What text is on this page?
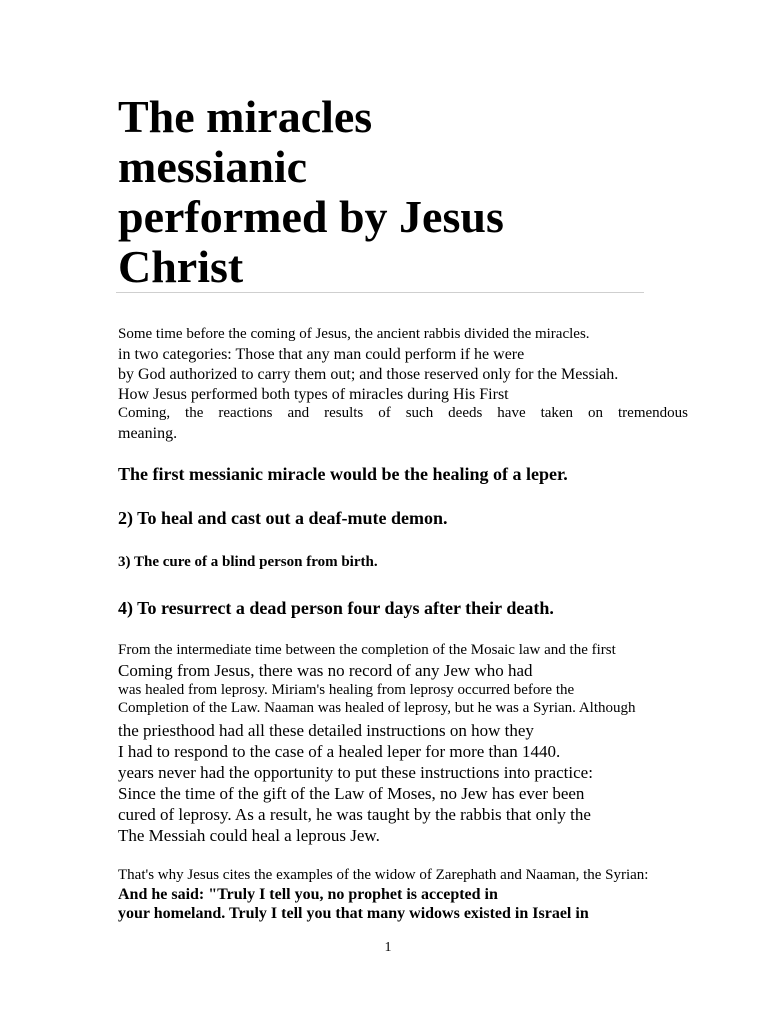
The miracles
messianic
performed by Jesus
Christ
Some time before the coming of Jesus, the ancient rabbis divided the miracles.
in two categories: Those that any man could perform if he were
by God authorized to carry them out; and those reserved only for the Messiah.
How Jesus performed both types of miracles during His First
Coming, the reactions and results of such deeds have taken on tremendous
meaning.
The first messianic miracle would be the healing of a leper.
2) To heal and cast out a deaf-mute demon.
3) The cure of a blind person from birth.
4) To resurrect a dead person four days after their death.
From the intermediate time between the completion of the Mosaic law and the first
Coming from Jesus, there was no record of any Jew who had
was healed from leprosy. Miriam's healing from leprosy occurred before the
Completion of the Law. Naaman was healed of leprosy, but he was a Syrian. Although
the priesthood had all these detailed instructions on how they
I had to respond to the case of a healed leper for more than 1440.
years never had the opportunity to put these instructions into practice:
Since the time of the gift of the Law of Moses, no Jew has ever been
cured of leprosy. As a result, he was taught by the rabbis that only the
The Messiah could heal a leprous Jew.
That's why Jesus cites the examples of the widow of Zarephath and Naaman, the Syrian:
And he said: "Truly I tell you, no prophet is accepted in
your homeland. Truly I tell you that many widows existed in Israel in
1
